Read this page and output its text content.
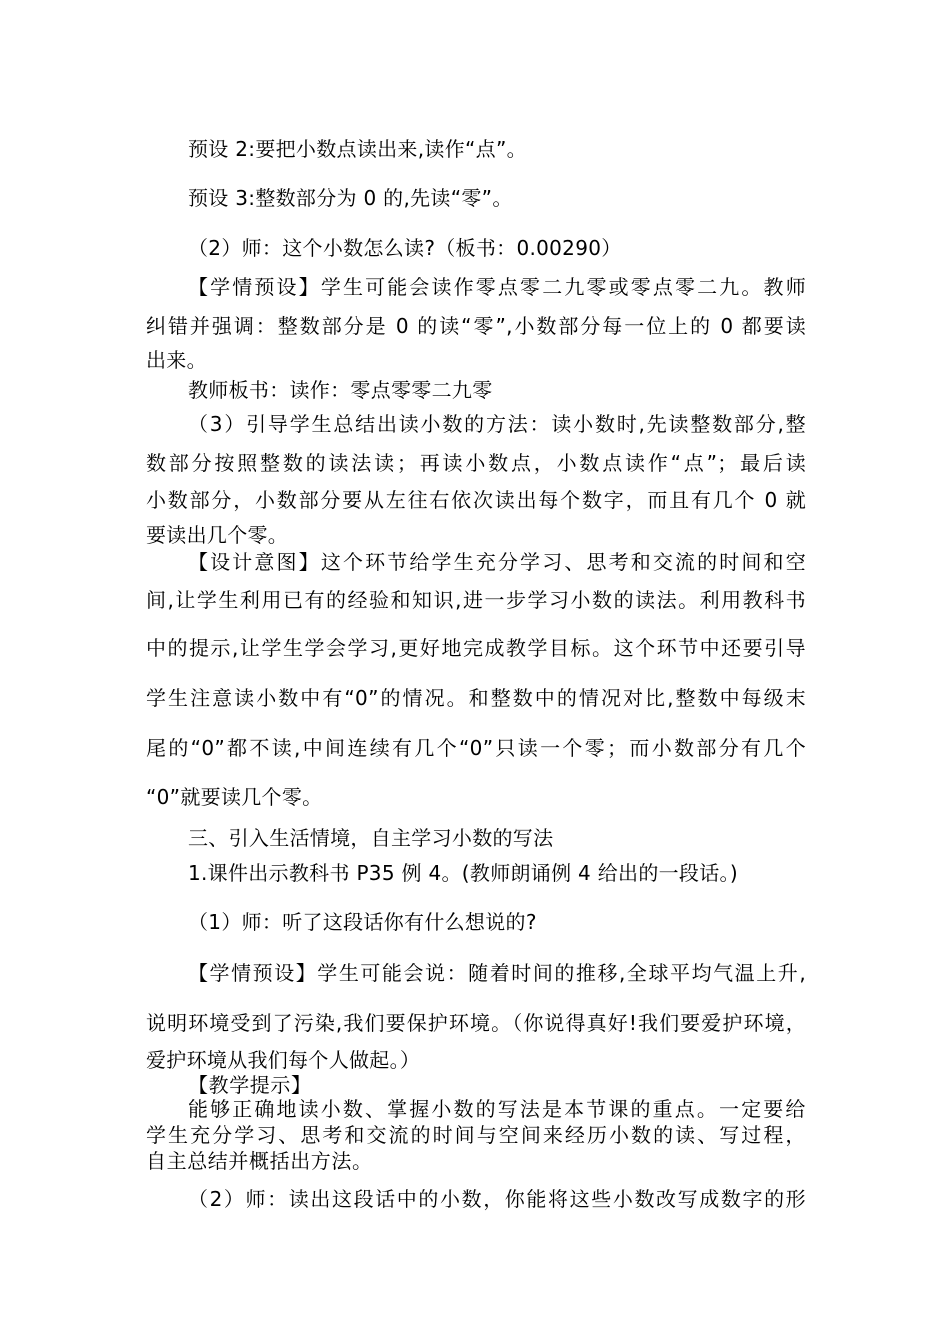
预设 2:要把小数点读出来,读作“点”。
预设 3:整数部分为 0 的,先读“零”。
（2）师：这个小数怎么读?（板书：0.00290）
【学情预设】学生可能会读作零点零二九零或零点零二九。教师
纠错并强调：整数部分是 0 的读“零”,小数部分每一位上的 0 都要读
出来。
教师板书：读作：零点零零二九零
（3）引导学生总结出读小数的方法：读小数时,先读整数部分,整
数部分按照整数的读法读；再读小数点，小数点读作“点”；最后读
小数部分，小数部分要从左往右依次读出每个数字，而且有几个 0 就
要读出几个零。
【设计意图】这个环节给学生充分学习、思考和交流的时间和空
间,让学生利用已有的经验和知识,进一步学习小数的读法。利用教科书
中的提示,让学生学会学习,更好地完成教学目标。这个环节中还要引导
学生注意读小数中有“0”的情况。和整数中的情况对比,整数中每级末
尾的“0”都不读,中间连续有几个“0”只读一个零；而小数部分有几个
“0”就要读几个零。
三、引入生活情境，自主学习小数的写法
1.课件出示教科书 P35 例 4。(教师朗诵例 4 给出的一段话。)
（1）师：听了这段话你有什么想说的?
【学情预设】学生可能会说：随着时间的推移,全球平均气温上升,
说明环境受到了污染,我们要保护环境。（你说得真好!我们要爱护环境，
爱护环境从我们每个人做起。）
【教学提示】
能够正确地读小数、掌握小数的写法是本节课的重点。一定要给
学生充分学习、思考和交流的时间与空间来经历小数的读、写过程，
自主总结并概括出方法。
（2）师：读出这段话中的小数，你能将这些小数改写成数字的形
